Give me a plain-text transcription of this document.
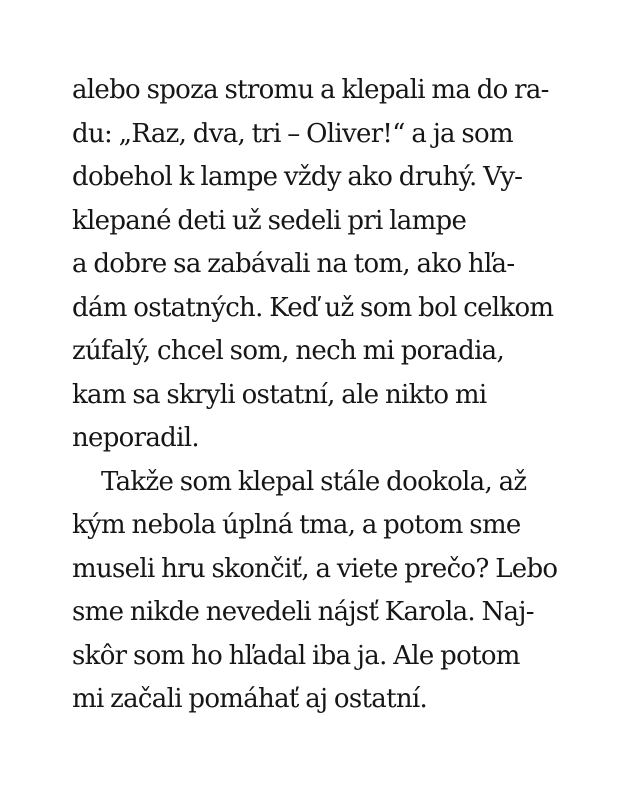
alebo spoza stromu a klepali ma do ra-
du: „Raz, dva, tri – Oliver!“ a ja som
dobehol k lampe vždy ako druhý. Vy-
klepané deti už sedeli pri lampe
a dobre sa zabávali na tom, ako hľa-
dám ostatných. Keď už som bol celkom
zúfalý, chcel som, nech mi poradia,
kam sa skryli ostatní, ale nikto mi
neporadil.
Takže som klepal stále dookola, až
kým nebola úplná tma, a potom sme
museli hru skončiť, a viete prečo? Lebo
sme nikde nevedeli nájsť Karola. Naj-
skôr som ho hľadal iba ja. Ale potom
mi začali pomáhať aj ostatní.
